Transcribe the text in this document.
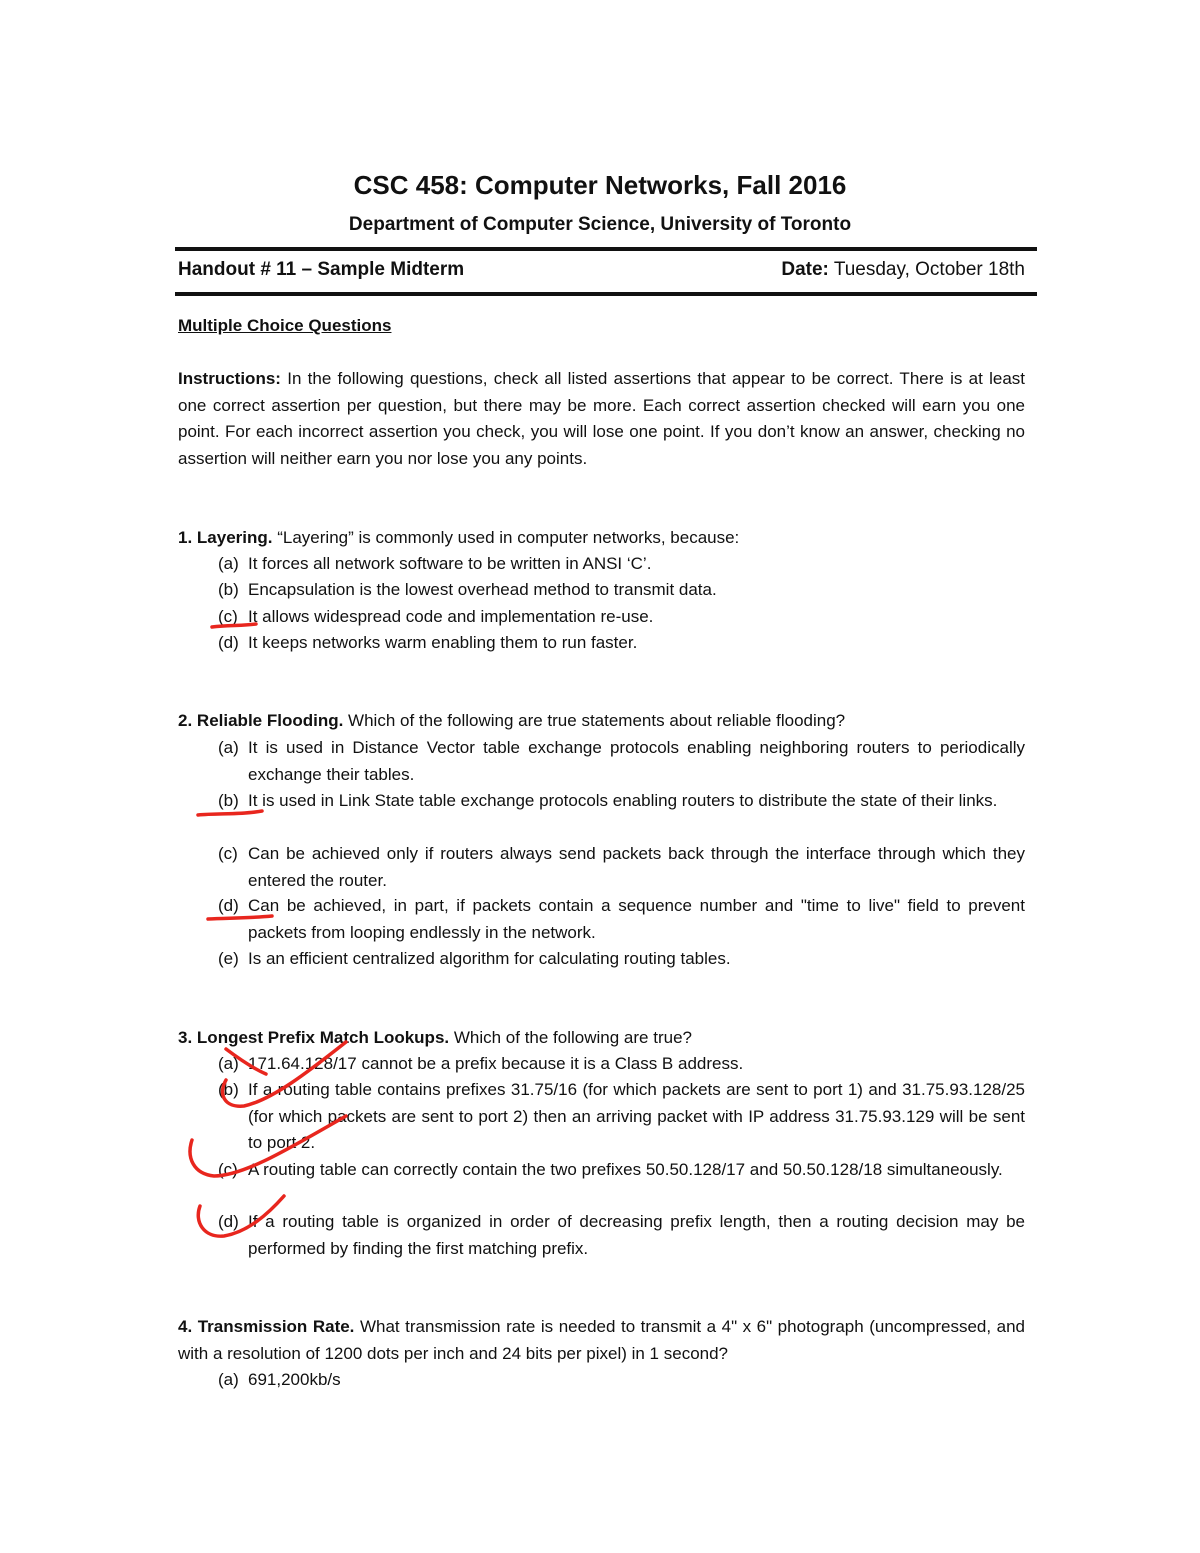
CSC 458: Computer Networks, Fall 2016
Department of Computer Science, University of Toronto
Handout # 11 – Sample Midterm	Date: Tuesday, October 18th
Multiple Choice Questions
Instructions: In the following questions, check all listed assertions that appear to be correct. There is at least one correct assertion per question, but there may be more. Each correct assertion checked will earn you one point. For each incorrect assertion you check, you will lose one point. If you don’t know an answer, checking no assertion will neither earn you nor lose you any points.
1. Layering. “Layering” is commonly used in computer networks, because:
(a) It forces all network software to be written in ANSI ‘C’.
(b) Encapsulation is the lowest overhead method to transmit data.
(c) It allows widespread code and implementation re-use.
(d) It keeps networks warm enabling them to run faster.
2. Reliable Flooding. Which of the following are true statements about reliable flooding?
(a) It is used in Distance Vector table exchange protocols enabling neighboring routers to periodically exchange their tables.
(b) It is used in Link State table exchange protocols enabling routers to distribute the state of their links.
(c) Can be achieved only if routers always send packets back through the interface through which they entered the router.
(d) Can be achieved, in part, if packets contain a sequence number and "time to live" field to prevent packets from looping endlessly in the network.
(e) Is an efficient centralized algorithm for calculating routing tables.
3. Longest Prefix Match Lookups. Which of the following are true?
(a) 171.64.128/17 cannot be a prefix because it is a Class B address.
(b) If a routing table contains prefixes 31.75/16 (for which packets are sent to port 1) and 31.75.93.128/25 (for which packets are sent to port 2) then an arriving packet with IP address 31.75.93.129 will be sent to port 2.
(c) A routing table can correctly contain the two prefixes 50.50.128/17 and 50.50.128/18 simultaneously.
(d) If a routing table is organized in order of decreasing prefix length, then a routing decision may be performed by finding the first matching prefix.
4. Transmission Rate. What transmission rate is needed to transmit a 4" x 6" photograph (uncompressed, and with a resolution of 1200 dots per inch and 24 bits per pixel) in 1 second?
(a) 691,200kb/s
